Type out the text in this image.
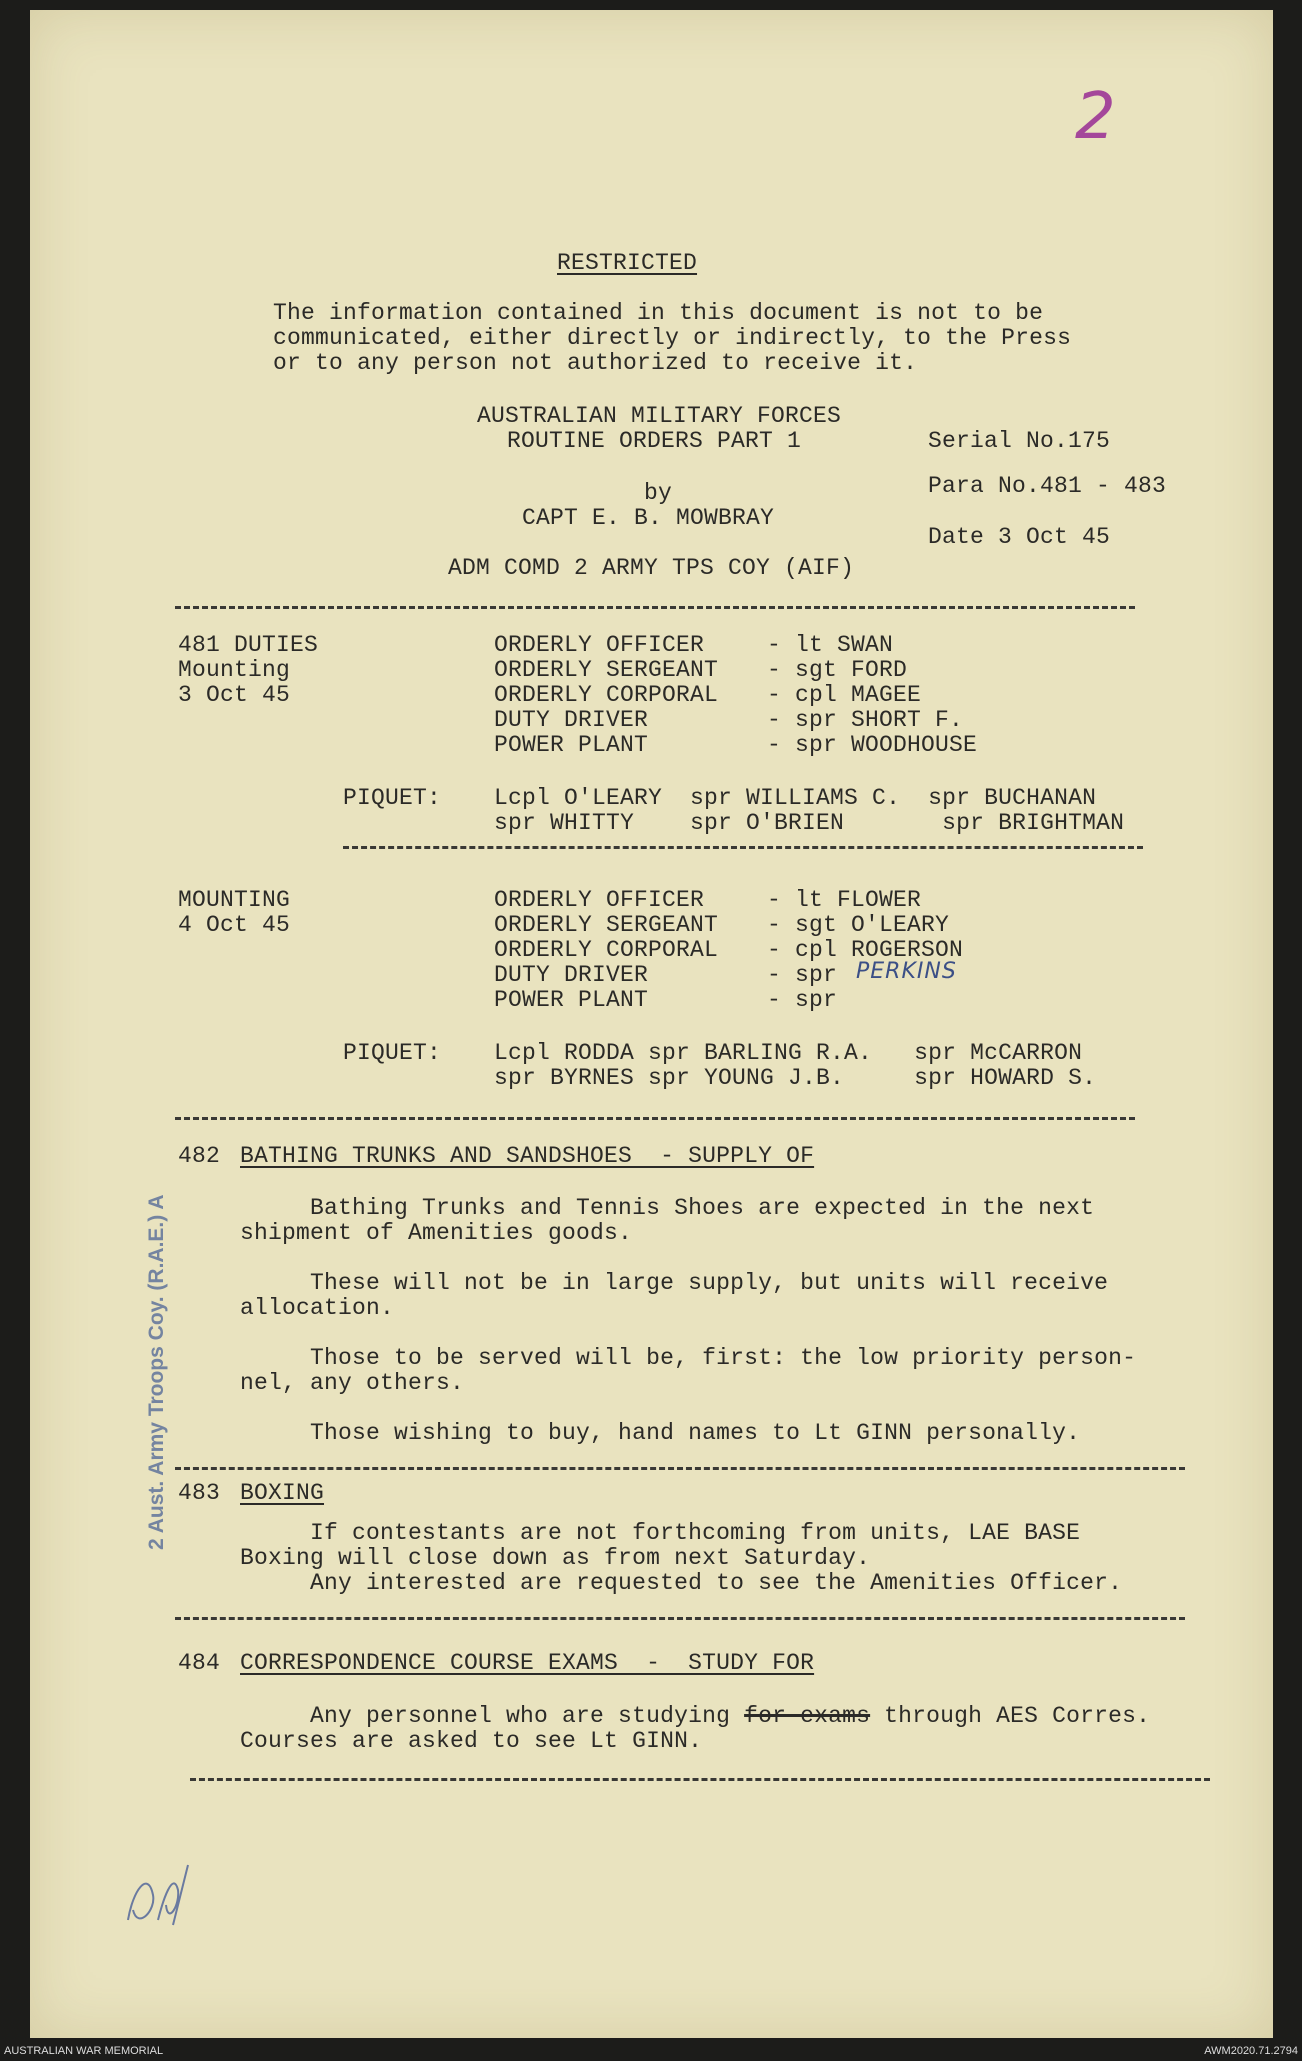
2
RESTRICTED
The information contained in this document is not to be
communicated, either directly or indirectly, to the Press
or to any person not authorized to receive it.
AUSTRALIAN MILITARY FORCES
ROUTINE ORDERS PART 1	Serial No.175
by	Para No.481 - 483
CAPT E. B. MOWBRAY
Date 3 Oct 45
ADM COMD 2 ARMY TPS COY (AIF)
481 DUTIES
Mounting
3 Oct 45
ORDERLY OFFICER	- lt SWAN
ORDERLY SERGEANT - sgt FORD
ORDERLY CORPORAL - cpl MAGEE
DUTY DRIVER	- spr SHORT F.
POWER PLANT	- spr WOODHOUSE
PIQUET: Lcpl O'LEARY  spr WILLIAMS C.  spr BUCHANAN
spr WHITTY    spr O'BRIEN       spr BRIGHTMAN
MOUNTING
4 Oct 45
ORDERLY OFFICER	- lt FLOWER
ORDERLY SERGEANT - sgt O'LEARY
ORDERLY CORPORAL - cpl ROGERSON
DUTY DRIVER	- spr PERKINS
POWER PLANT	- spr
PIQUET: Lcpl RODDA spr BARLING R.A.   spr McCARRON
spr BYRNES spr YOUNG J.B.     spr HOWARD S.
482 BATHING TRUNKS AND SANDSHOES  - SUPPLY OF
Bathing Trunks and Tennis Shoes are expected in the next
shipment of Amenities goods.
These will not be in large supply, but units will receive
allocation.
Those to be served will be, first: the low priority person-
nel, any others.
Those wishing to buy, hand names to Lt GINN personally.
483 BOXING
If contestants are not forthcoming from units, LAE BASE
Boxing will close down as from next Saturday.
Any interested are requested to see the Amenities Officer.
484 CORRESPONDENCE COURSE EXAMS  -  STUDY FOR
Any personnel who are studying for exams through AES Corres.
Courses are asked to see Lt GINN.
2 Aust. Army Troops Coy. (R.A.E.) A
AUSTRALIAN WAR MEMORIAL	AWM2020.71.2794
